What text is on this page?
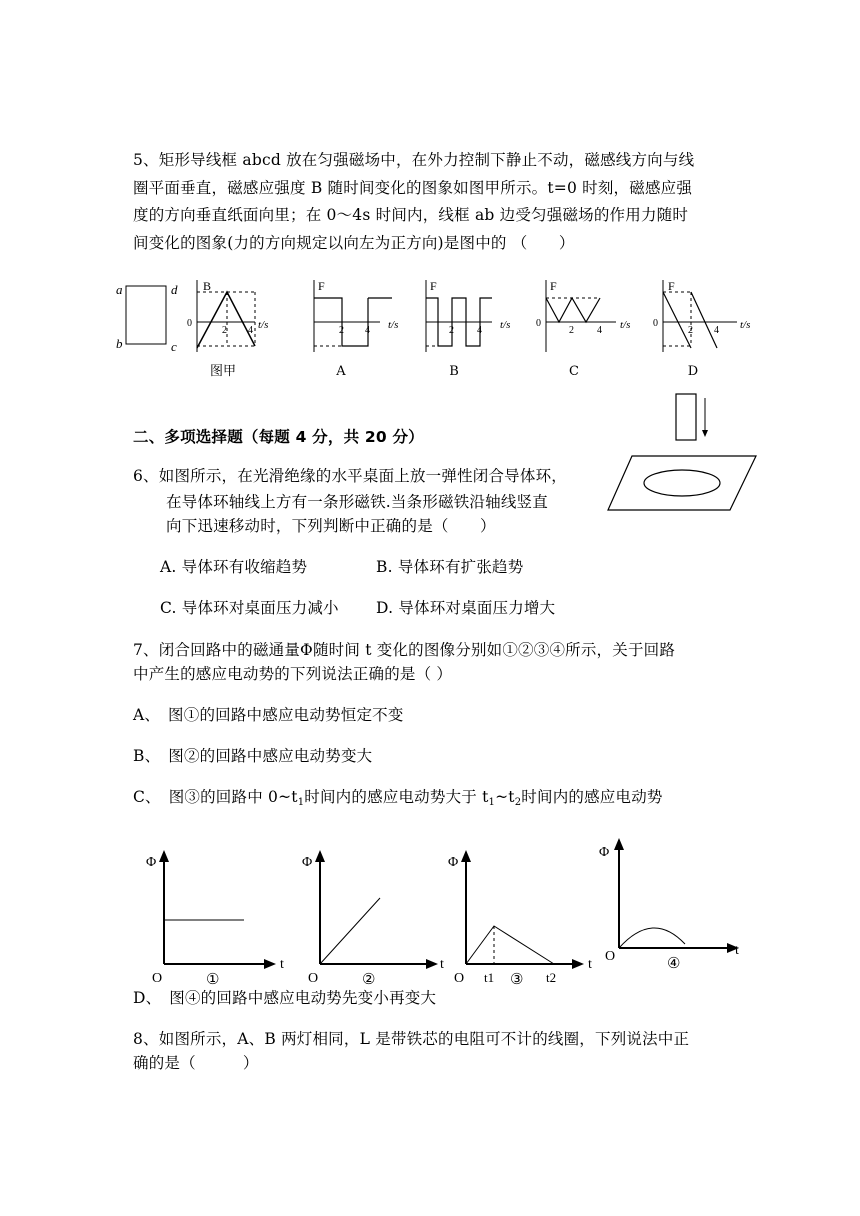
5、矩形导线框 abcd 放在匀强磁场中，在外力控制下静止不动，磁感线方向与线
圈平面垂直，磁感应强度 B 随时间变化的图象如图甲所示。t=0 时刻，磁感应强
度的方向垂直纸面向里；在 0～4s 时间内，线框 ab 边受匀强磁场的作用力随时
间变化的图象(力的方向规定以向左为正方向)是图中的 （　　）
a	d
b	c
B
0
2 4 t/s
F
2 4 t/s
F
2 4 t/s
F
0
2 4 t/s
F
0
2 4 t/s
图甲	A	B	C	D
二、多项选择题（每题 4 分，共 20 分）
6、如图所示，在光滑绝缘的水平桌面上放一弹性闭合导体环，
在导体环轴线上方有一条形磁铁.当条形磁铁沿轴线竖直
向下迅速移动时，下列判断中正确的是（　　）
A. 导体环有收缩趋势	B. 导体环有扩张趋势
C. 导体环对桌面压力减小 D. 导体环对桌面压力增大
7、闭合回路中的磁通量Φ随时间 t 变化的图像分别如①②③④所示，关于回路
中产生的感应电动势的下列说法正确的是（ ）
A、　图①的回路中感应电动势恒定不变
B、　图②的回路中感应电动势变大
C、　图③的回路中 $0\sim t_1$时间内的感应电动势大于 $t_1\sim t_2$时间内的感应电动势
Φ
O
t
①
Φ
O
t
②
Φ
O
t
t1	t2
③
Φ
O	t
④
D、　图④的回路中感应电动势先变小再变大
8、如图所示，A、B 两灯相同，L 是带铁芯的电阻可不计的线圈，下列说法中正
确的是（　　　）
